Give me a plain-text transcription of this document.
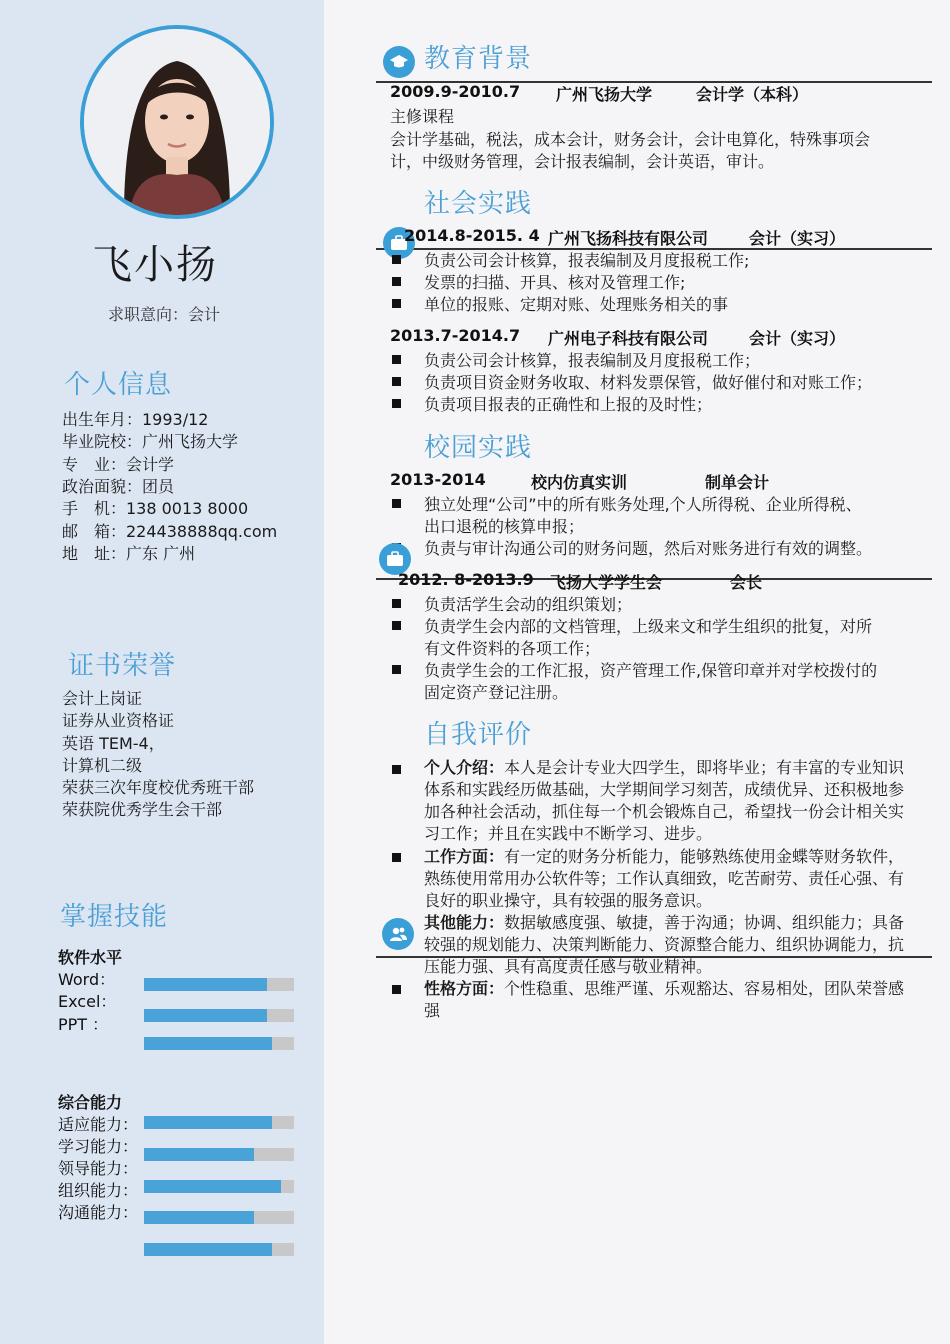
飞小扬
求职意向：会计
个人信息
出生年月：1993/12
毕业院校：广州飞扬大学
专　业：会计学
政治面貌：团员
手　机：138 0013 8000
邮　箱：224438888qq.com
地　址：广东 广州
证书荣誉
会计上岗证
证券从业资格证
英语 TEM-4，
计算机二级
荣获三次年度校优秀班干部
荣获院优秀学生会干部
掌握技能
软件水平
Word：
Excel：
PPT ：
综合能力
适应能力：
学习能力：
领导能力：
组织能力：
沟通能力：
教育背景
2009.9-2010.7 广州飞扬大学	会计学（本科）
主修课程
会计学基础，税法，成本会计，财务会计，会计电算化，特殊事项会
计，中级财务管理，会计报表编制，会计英语，审计。
社会实践
2014.8-2015. 4 广州飞扬科技有限公司	会计（实习）
负责公司会计核算，报表编制及月度报税工作;
发票的扫描、开具、核对及管理工作;
单位的报账、定期对账、处理账务相关的事
2013.7-2014.7 广州电子科技有限公司	会计（实习）
负责公司会计核算，报表编制及月度报税工作；
负责项目资金财务收取、材料发票保管，做好催付和对账工作；
负责项目报表的正确性和上报的及时性；
校园实践
2013-2014	校内仿真实训	制单会计
独立处理“公司”中的所有账务处理,个人所得税、企业所得税、
出口退税的核算申报；
负责与审计沟通公司的财务问题，然后对账务进行有效的调整。
2012. 8-2013.9 飞扬大学学生会	会长
负责活学生会动的组织策划；
负责学生会内部的文档管理，上级来文和学生组织的批复，对所
有文件资料的各项工作；
负责学生会的工作汇报，资产管理工作,保管印章并对学校拨付的
固定资产登记注册。
自我评价
个人介绍：本人是会计专业大四学生，即将毕业；有丰富的专业知识体系和实践经历做基础，大学期间学习刻苦，成绩优异、还积极地参加各种社会活动，抓住每一个机会锻炼自己，希望找一份会计相关实习工作；并且在实践中不断学习、进步。
工作方面：有一定的财务分析能力，能够熟练使用金蝶等财务软件，熟练使用常用办公软件等；工作认真细致，吃苦耐劳、责任心强、有良好的职业操守，具有较强的服务意识。
其他能力：数据敏感度强、敏捷，善于沟通；协调、组织能力；具备较强的规划能力、决策判断能力、资源整合能力、组织协调能力，抗压能力强、具有高度责任感与敬业精神。
性格方面：个性稳重、思维严谨、乐观豁达、容易相处，团队荣誉感强
